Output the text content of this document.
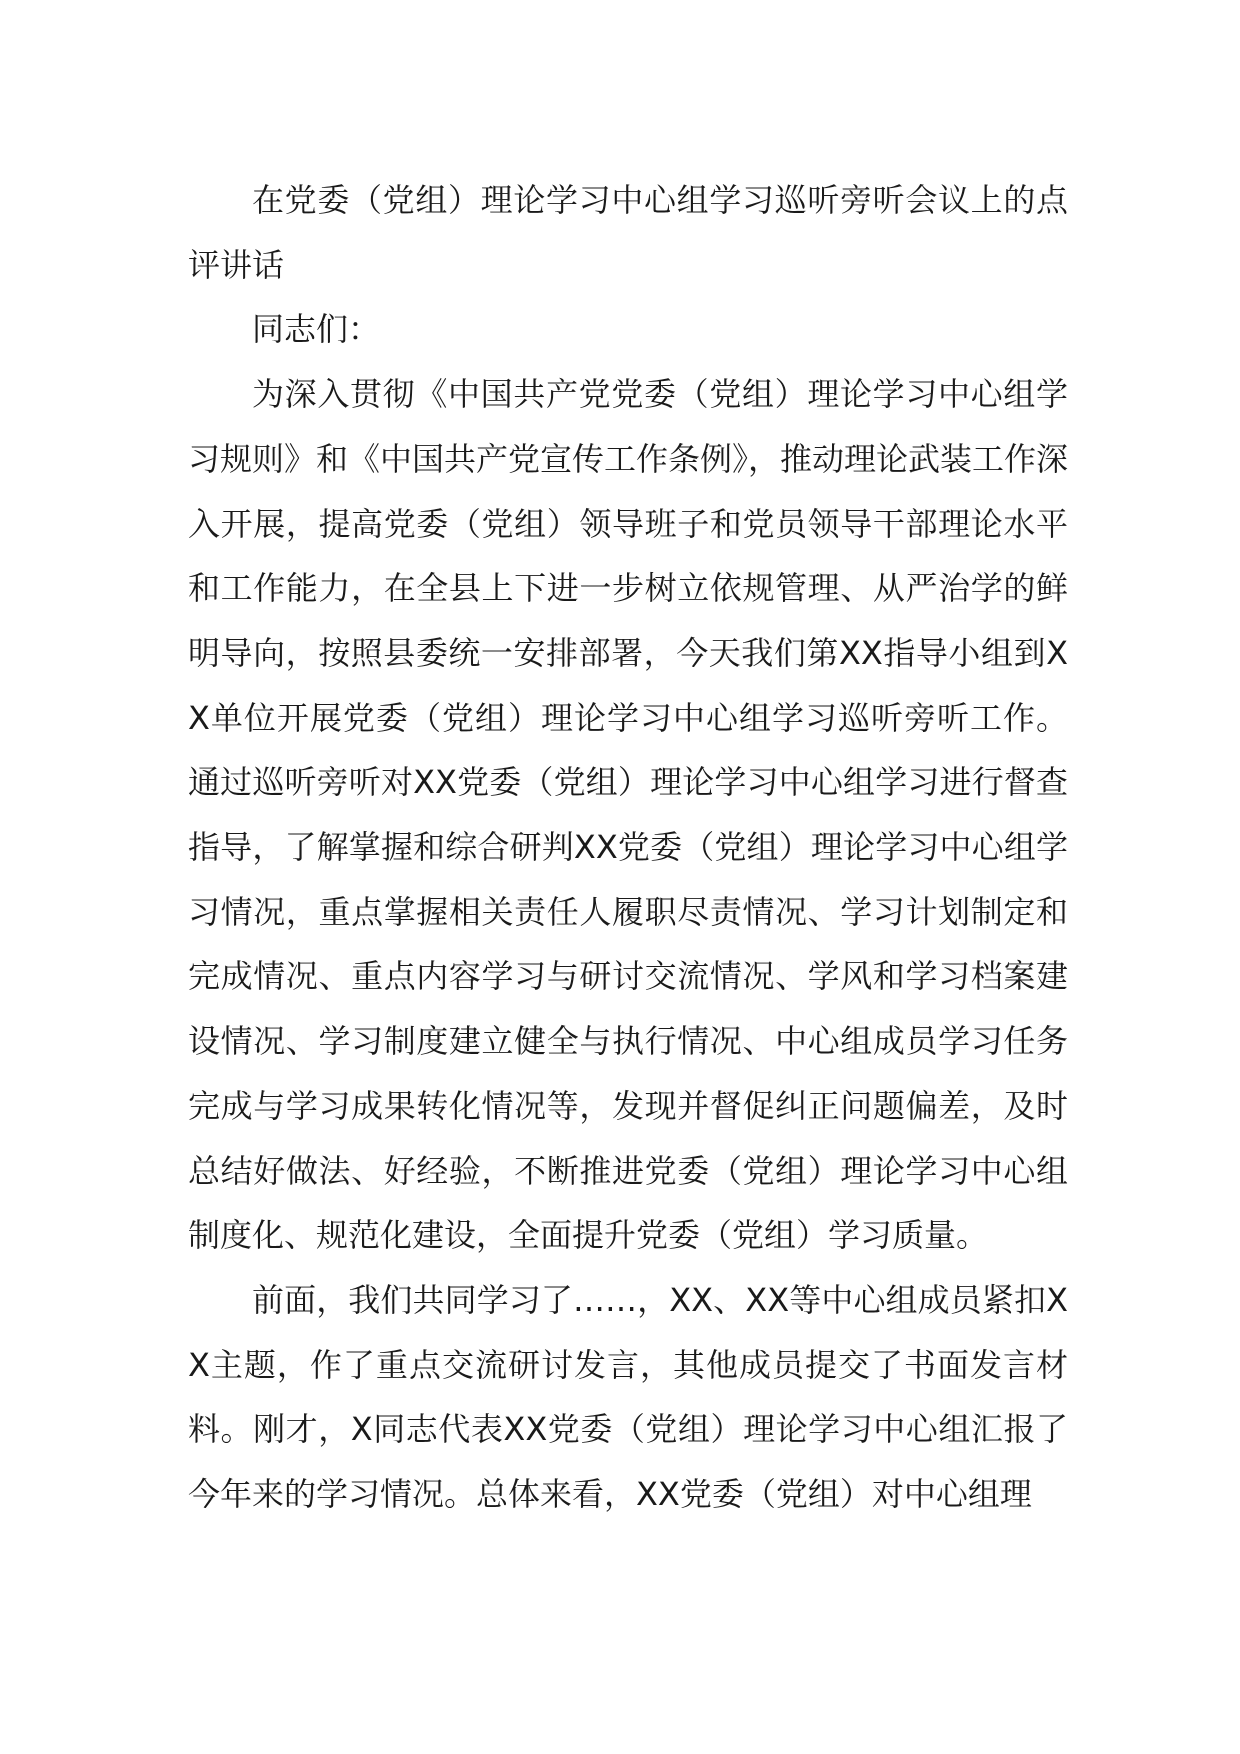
在党委（党组）理论学习中心组学习巡听旁听会议上的点评讲话

同志们：

为深入贯彻《中国共产党党委（党组）理论学习中心组学习规则》和《中国共产党宣传工作条例》，推动理论武装工作深入开展，提高党委（党组）领导班子和党员领导干部理论水平和工作能力，在全县上下进一步树立依规管理、从严治学的鲜明导向，按照县委统一安排部署，今天我们第XX指导小组到XX单位开展党委（党组）理论学习中心组学习巡听旁听工作。通过巡听旁听对XX党委（党组）理论学习中心组学习进行督查指导，了解掌握和综合研判XX党委（党组）理论学习中心组学习情况，重点掌握相关责任人履职尽责情况、学习计划制定和完成情况、重点内容学习与研讨交流情况、学风和学习档案建设情况、学习制度建立健全与执行情况、中心组成员学习任务完成与学习成果转化情况等，发现并督促纠正问题偏差，及时总结好做法、好经验，不断推进党委（党组）理论学习中心组制度化、规范化建设，全面提升党委（党组）学习质量。

前面，我们共同学习了……，XX、XX等中心组成员紧扣XX主题，作了重点交流研讨发言，其他成员提交了书面发言材料。刚才，X同志代表XX党委（党组）理论学习中心组汇报了今年来的学习情况。总体来看，XX党委（党组）对中心组理
